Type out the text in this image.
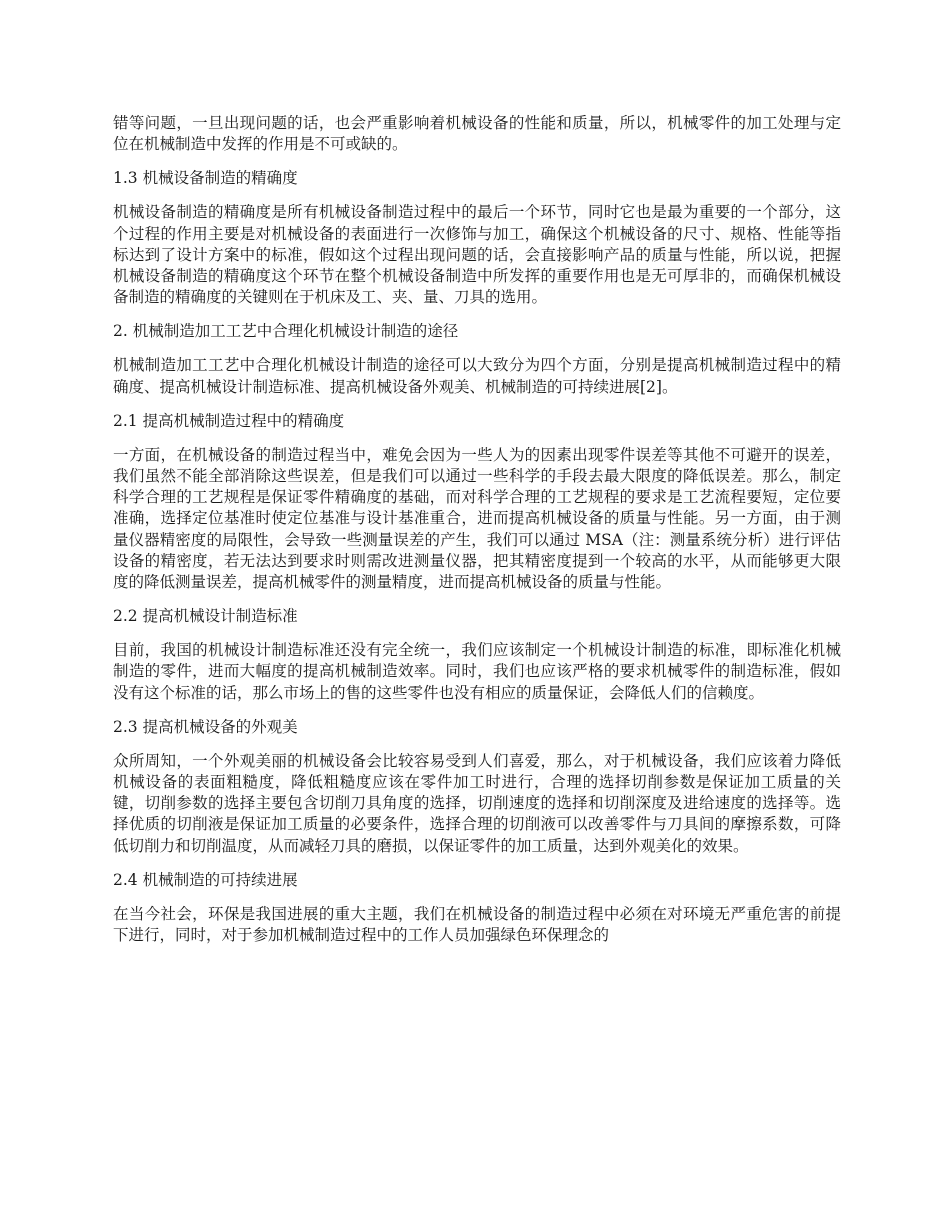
错等问题，一旦出现问题的话，也会严重影响着机械设备的性能和质量，所以，机械零件的加工处理与定位在机械制造中发挥的作用是不可或缺的。

1.3 机械设备制造的精确度

机械设备制造的精确度是所有机械设备制造过程中的最后一个环节，同时它也是最为重要的一个部分，这个过程的作用主要是对机械设备的表面进行一次修饰与加工，确保这个机械设备的尺寸、规格、性能等指标达到了设计方案中的标准，假如这个过程出现问题的话，会直接影响产品的质量与性能，所以说，把握机械设备制造的精确度这个环节在整个机械设备制造中所发挥的重要作用也是无可厚非的，而确保机械设备制造的精确度的关键则在于机床及工、夹、量、刀具的选用。

2. 机械制造加工工艺中合理化机械设计制造的途径

机械制造加工工艺中合理化机械设计制造的途径可以大致分为四个方面，分别是提高机械制造过程中的精确度、提高机械设计制造标准、提高机械设备外观美、机械制造的可持续进展[2]。

2.1 提高机械制造过程中的精确度

一方面，在机械设备的制造过程当中，难免会因为一些人为的因素出现零件误差等其他不可避开的误差，我们虽然不能全部消除这些误差，但是我们可以通过一些科学的手段去最大限度的降低误差。那么，制定科学合理的工艺规程是保证零件精确度的基础，而对科学合理的工艺规程的要求是工艺流程要短，定位要准确，选择定位基准时使定位基准与设计基准重合，进而提高机械设备的质量与性能。另一方面，由于测量仪器精密度的局限性，会导致一些测量误差的产生，我们可以通过 MSA（注：测量系统分析）进行评估设备的精密度，若无法达到要求时则需改进测量仪器，把其精密度提到一个较高的水平，从而能够更大限度的降低测量误差，提高机械零件的测量精度，进而提高机械设备的质量与性能。

2.2 提高机械设计制造标准

目前，我国的机械设计制造标准还没有完全统一，我们应该制定一个机械设计制造的标准，即标准化机械制造的零件，进而大幅度的提高机械制造效率。同时，我们也应该严格的要求机械零件的制造标准，假如没有这个标准的话，那么市场上的售的这些零件也没有相应的质量保证，会降低人们的信赖度。

2.3 提高机械设备的外观美

众所周知，一个外观美丽的机械设备会比较容易受到人们喜爱，那么，对于机械设备，我们应该着力降低机械设备的表面粗糙度，降低粗糙度应该在零件加工时进行，合理的选择切削参数是保证加工质量的关键，切削参数的选择主要包含切削刀具角度的选择，切削速度的选择和切削深度及进给速度的选择等。选择优质的切削液是保证加工质量的必要条件，选择合理的切削液可以改善零件与刀具间的摩擦系数，可降低切削力和切削温度，从而减轻刀具的磨损，以保证零件的加工质量，达到外观美化的效果。

2.4 机械制造的可持续进展

在当今社会，环保是我国进展的重大主题，我们在机械设备的制造过程中必须在对环境无严重危害的前提下进行，同时，对于参加机械制造过程中的工作人员加强绿色环保理念的
